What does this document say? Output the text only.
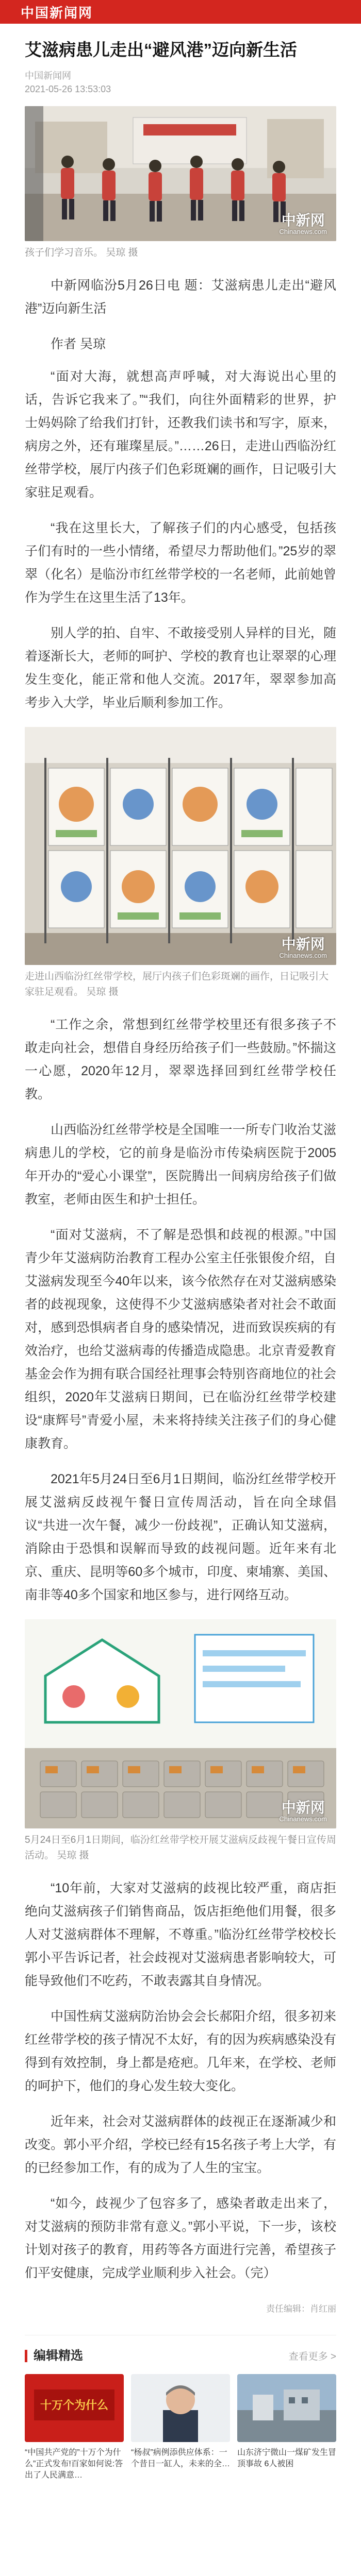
中国新闻网
艾滋病患儿走出“避风港”迈向新生活
中国新闻网
2021-05-26 13:53:03
中新网
Chinanews.com
孩子们学习音乐。 吴琼 摄

中新网临汾5月26日电 题：艾滋病患儿走出“避风港”迈向新生活

作者 吴琼

“面对大海，就想高声呼喊，对大海说出心里的话，告诉它我来了。”“我们，向往外面精彩的世界，护士妈妈除了给我们打针，还教我们读书和写字，原来，病房之外，还有璀璨星辰。”……26日，走进山西临汾红丝带学校，展厅内孩子们色彩斑斓的画作，日记吸引大家驻足观看。

“我在这里长大，了解孩子们的内心感受，包括孩子们有时的一些小情绪，希望尽力帮助他们。”25岁的翠翠（化名）是临汾市红丝带学校的一名老师，此前她曾作为学生在这里生活了13年。

别人学的拍、自牢、不敢接受别人异样的目光，随着逐渐长大，老师的呵护、学校的教育也让翠翠的心理发生变化，能正常和他人交流。2017年，翠翠参加高考步入大学，毕业后顺利参加工作。

中新网
Chinanews.com
走进山西临汾红丝带学校，展厅内孩子们色彩斑斓的画作，日记吸引大家驻足观看。 吴琼 摄

“工作之余，常想到红丝带学校里还有很多孩子不敢走向社会，想借自身经历给孩子们一些鼓励。”怀揣这一心愿，2020年12月，翠翠选择回到红丝带学校任教。

山西临汾红丝带学校是全国唯一一所专门收治艾滋病患儿的学校，它的前身是临汾市传染病医院于2005年开办的“爱心小课堂”，医院腾出一间病房给孩子们做教室，老师由医生和护士担任。

“面对艾滋病，不了解是恐惧和歧视的根源。”中国青少年艾滋病防治教育工程办公室主任张银俊介绍，自艾滋病发现至今40年以来，该今依然存在对艾滋病感染者的歧视现象，这使得不少艾滋病感染者对社会不敢面对，感到恐惧病者自身的感染情况，进而致误疾病的有效治疗，也给艾滋病毒的传播造成隐患。北京青爱教育基金会作为拥有联合国经社理事会特别咨商地位的社会组织，2020年艾滋病日期间，已在临汾红丝带学校建设“康辉号”青爱小屋，未来将持续关注孩子们的身心健康教育。

2021年5月24日至6月1日期间，临汾红丝带学校开展艾滋病反歧视午餐日宣传周活动，旨在向全球倡议“共进一次午餐，减少一份歧视”，正确认知艾滋病，消除由于恐惧和误解而导致的歧视问题。近年来有北京、重庆、昆明等60多个城市，印度、柬埔寨、美国、南非等40多个国家和地区参与，进行网络互动。

中新网
Chinanews.com
5月24日至6月1日期间，临汾红丝带学校开展艾滋病反歧视午餐日宣传周活动。 吴琼 摄

“10年前，大家对艾滋病的歧视比较严重，商店拒绝向艾滋病孩子们销售商品，饭店拒绝他们用餐，很多人对艾滋病群体不理解，不尊重。”临汾红丝带学校校长郭小平告诉记者，社会歧视对艾滋病患者影响较大，可能导致他们不吃药，不敢表露其自身情况。

中国性病艾滋病防治协会会长郝阳介绍，很多初来红丝带学校的孩子情况不太好，有的因为疾病感染没有得到有效控制，身上都是疮疤。几年来，在学校、老师的呵护下，他们的身心发生较大变化。

近年来，社会对艾滋病群体的歧视正在逐渐减少和改变。郭小平介绍，学校已经有15名孩子考上大学，有的已经参加工作，有的成为了人生的宝宝。

“如今，歧视少了包容多了，感染者敢走出来了，对艾滋病的预防非常有意义。”郭小平说，下一步，该校计划对孩子的教育，用药等各方面进行完善，希望孩子们平安健康，完成学业顺利步入社会。（完）

责任编辑：肖红丽
编辑精选	查看更多 >
十万个为什么
“中国共产党的”十万个为什么”正式发布!百家如何说:答出了人民满意…
“杨叔”病例添供应体系：一个昔日一缸人，未来的全…
山东济宁微山一煤矿发生冒顶事故 6人被困
